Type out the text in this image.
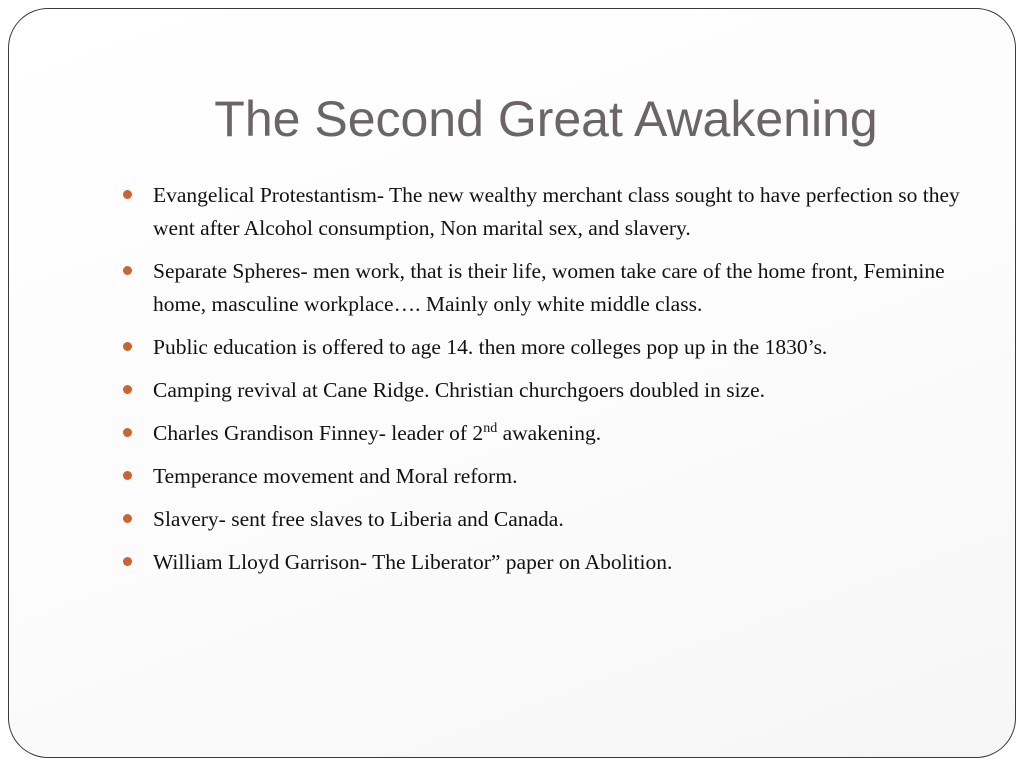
The Second Great Awakening
Evangelical Protestantism- The new wealthy merchant class sought to have perfection so they went after Alcohol consumption, Non marital sex, and slavery.
Separate Spheres- men work, that is their life, women take care of the home front, Feminine home, masculine workplace…. Mainly only white middle class.
Public education is offered to age 14. then more colleges pop up in the 1830’s.
Camping revival at Cane Ridge. Christian churchgoers doubled in size.
Charles Grandison Finney- leader of 2nd awakening.
Temperance movement and Moral reform.
Slavery- sent free slaves to Liberia and Canada.
William Lloyd Garrison- The Liberator” paper on Abolition.
